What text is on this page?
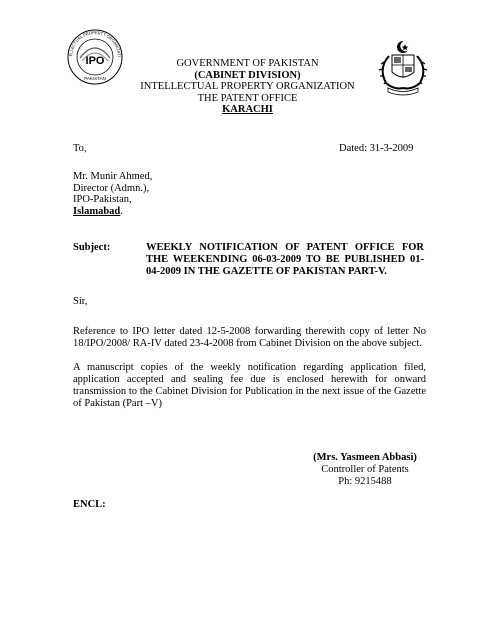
IPO
ELLECTUAL PROPERTY ORGANIZATI
PAKISTAN
GOVERNMENT OF PAKISTAN
(CABINET DIVISION)
INTELLECTUAL PROPERTY ORGANIZATION
THE PATENT OFFICE
KARACHI
To,	Dated: 31-3-2009
Mr. Munir Ahmed,
Director (Admn.),
IPO-Pakistan,
Islamabad.
Subject:	WEEKLY NOTIFICATION OF PATENT OFFICE FOR THE WEEKENDING 06-03-2009 TO BE PUBLISHED 01-04-2009 IN THE GAZETTE OF PAKISTAN PART-V.
Sir,
Reference to IPO letter dated 12-5-2008 forwarding therewith copy of letter No 18/IPO/2008/ RA-IV dated 23-4-2008 from Cabinet Division on the above subject.
A manuscript copies of the weekly notification regarding application filed, application accepted and sealing fee due is enclosed herewith for onward transmission to the Cabinet Division for Publication in the next issue of the Gazette of Pakistan (Part –V)
(Mrs. Yasmeen Abbasi)
Controller of Patents
Ph: 9215488
ENCL:
